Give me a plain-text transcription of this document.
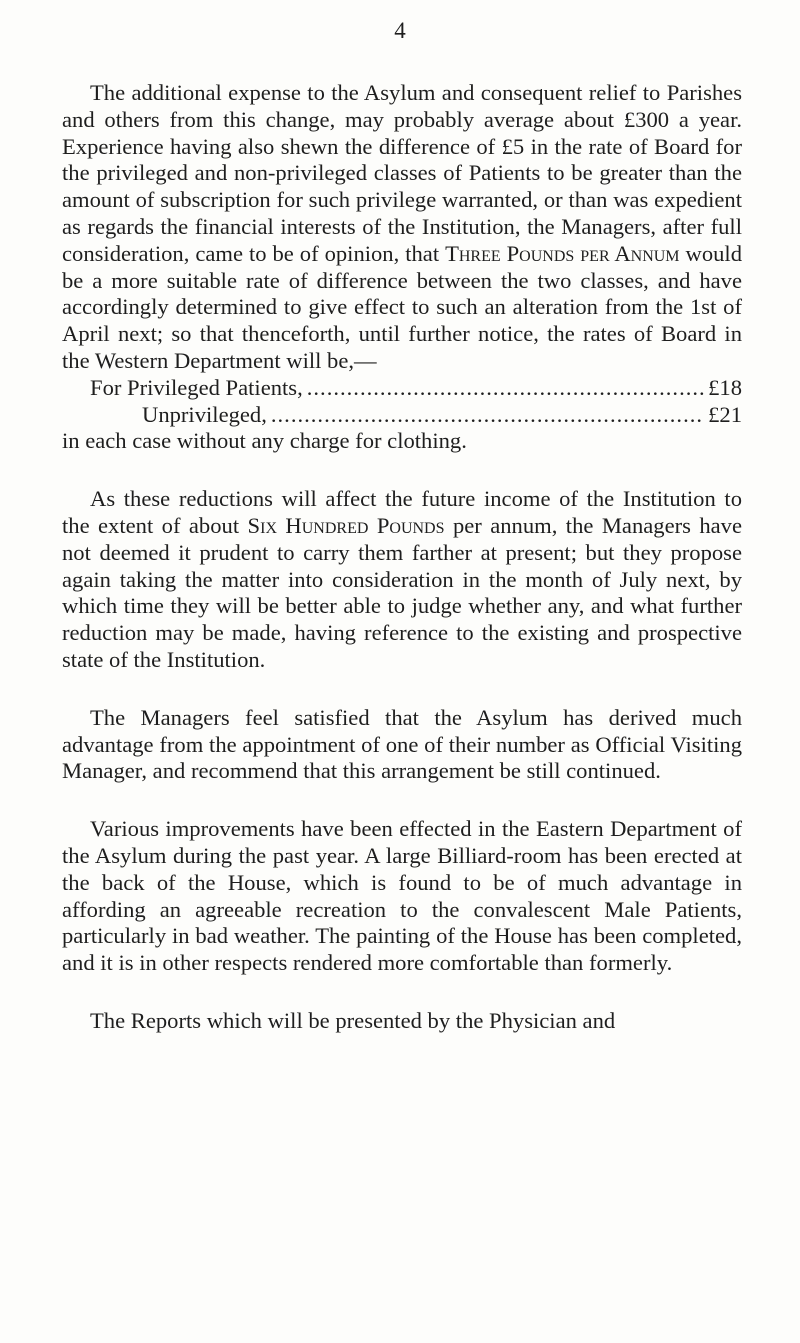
4

The additional expense to the Asylum and consequent relief to Parishes and others from this change, may probably average about £300 a year. Experience having also shewn the difference of £5 in the rate of Board for the privileged and non-privileged classes of Patients to be greater than the amount of subscription for such privilege warranted, or than was expedient as regards the financial interests of the Institution, the Managers, after full consideration, came to be of opinion, that Three Pounds per Annum would be a more suitable rate of difference between the two classes, and have accordingly determined to give effect to such an alteration from the 1st of April next; so that thenceforth, until further notice, the rates of Board in the Western Department will be,—

For Privileged Patients, .....	£18
Unprivileged, .....	£21
in each case without any charge for clothing.

As these reductions will affect the future income of the Institution to the extent of about Six Hundred Pounds per annum, the Managers have not deemed it prudent to carry them farther at present; but they propose again taking the matter into consideration in the month of July next, by which time they will be better able to judge whether any, and what further reduction may be made, having reference to the existing and prospective state of the Institution.

The Managers feel satisfied that the Asylum has derived much advantage from the appointment of one of their number as Official Visiting Manager, and recommend that this arrangement be still continued.

Various improvements have been effected in the Eastern Department of the Asylum during the past year. A large Billiard-room has been erected at the back of the House, which is found to be of much advantage in affording an agreeable recreation to the convalescent Male Patients, particularly in bad weather. The painting of the House has been completed, and it is in other respects rendered more comfortable than formerly.

The Reports which will be presented by the Physician and
